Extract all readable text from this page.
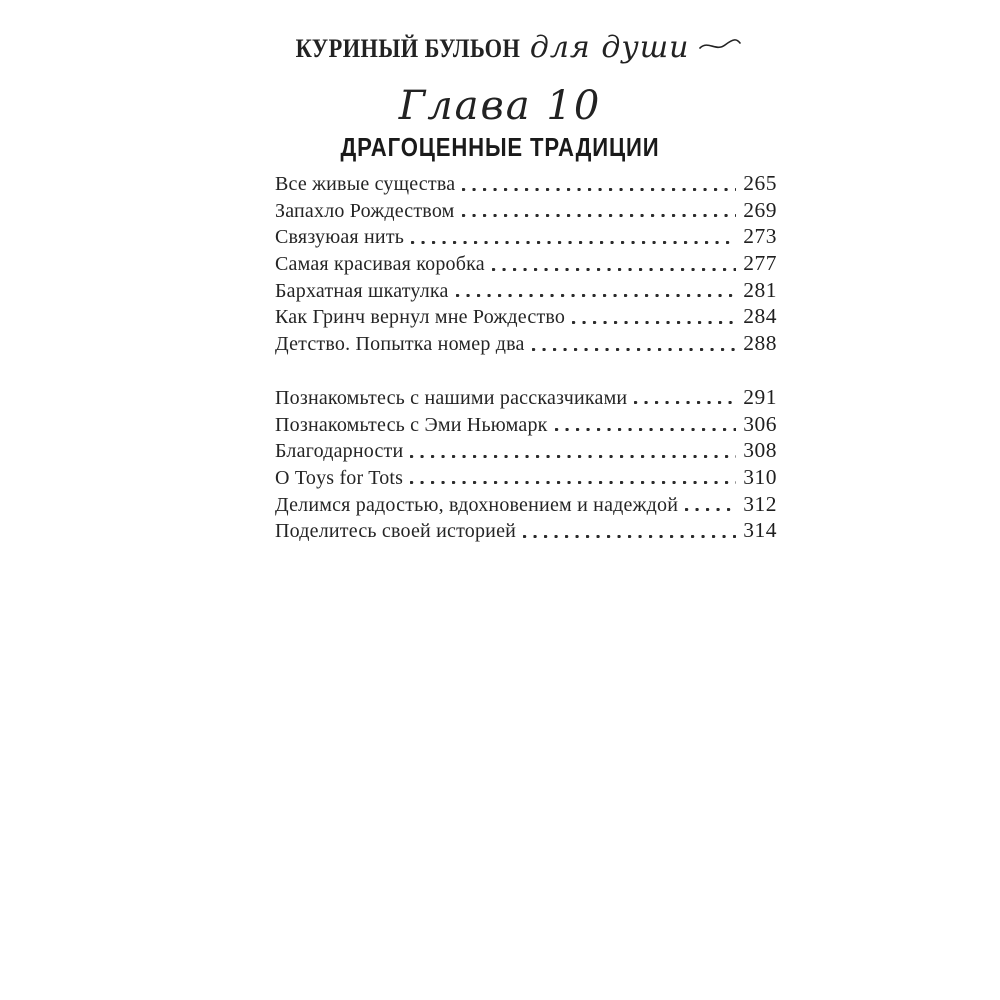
КУРИНЫЙ БУЛЬОН для души
Глава 10
ДРАГОЦЕННЫЕ ТРАДИЦИИ
Все живые существа	265
Запахло Рождеством	269
Связуюая нить	273
Самая красивая коробка	277
Бархатная шкатулка	281
Как Гринч вернул мне Рождество	284
Детство. Попытка номер два	288
Познакомьтесь с нашими рассказчиками	291
Познакомьтесь с Эми Ньюмарк	306
Благодарности	308
О Toys for Tots	310
Делимся радостью, вдохновением и надеждой	312
Поделитесь своей историей	314
